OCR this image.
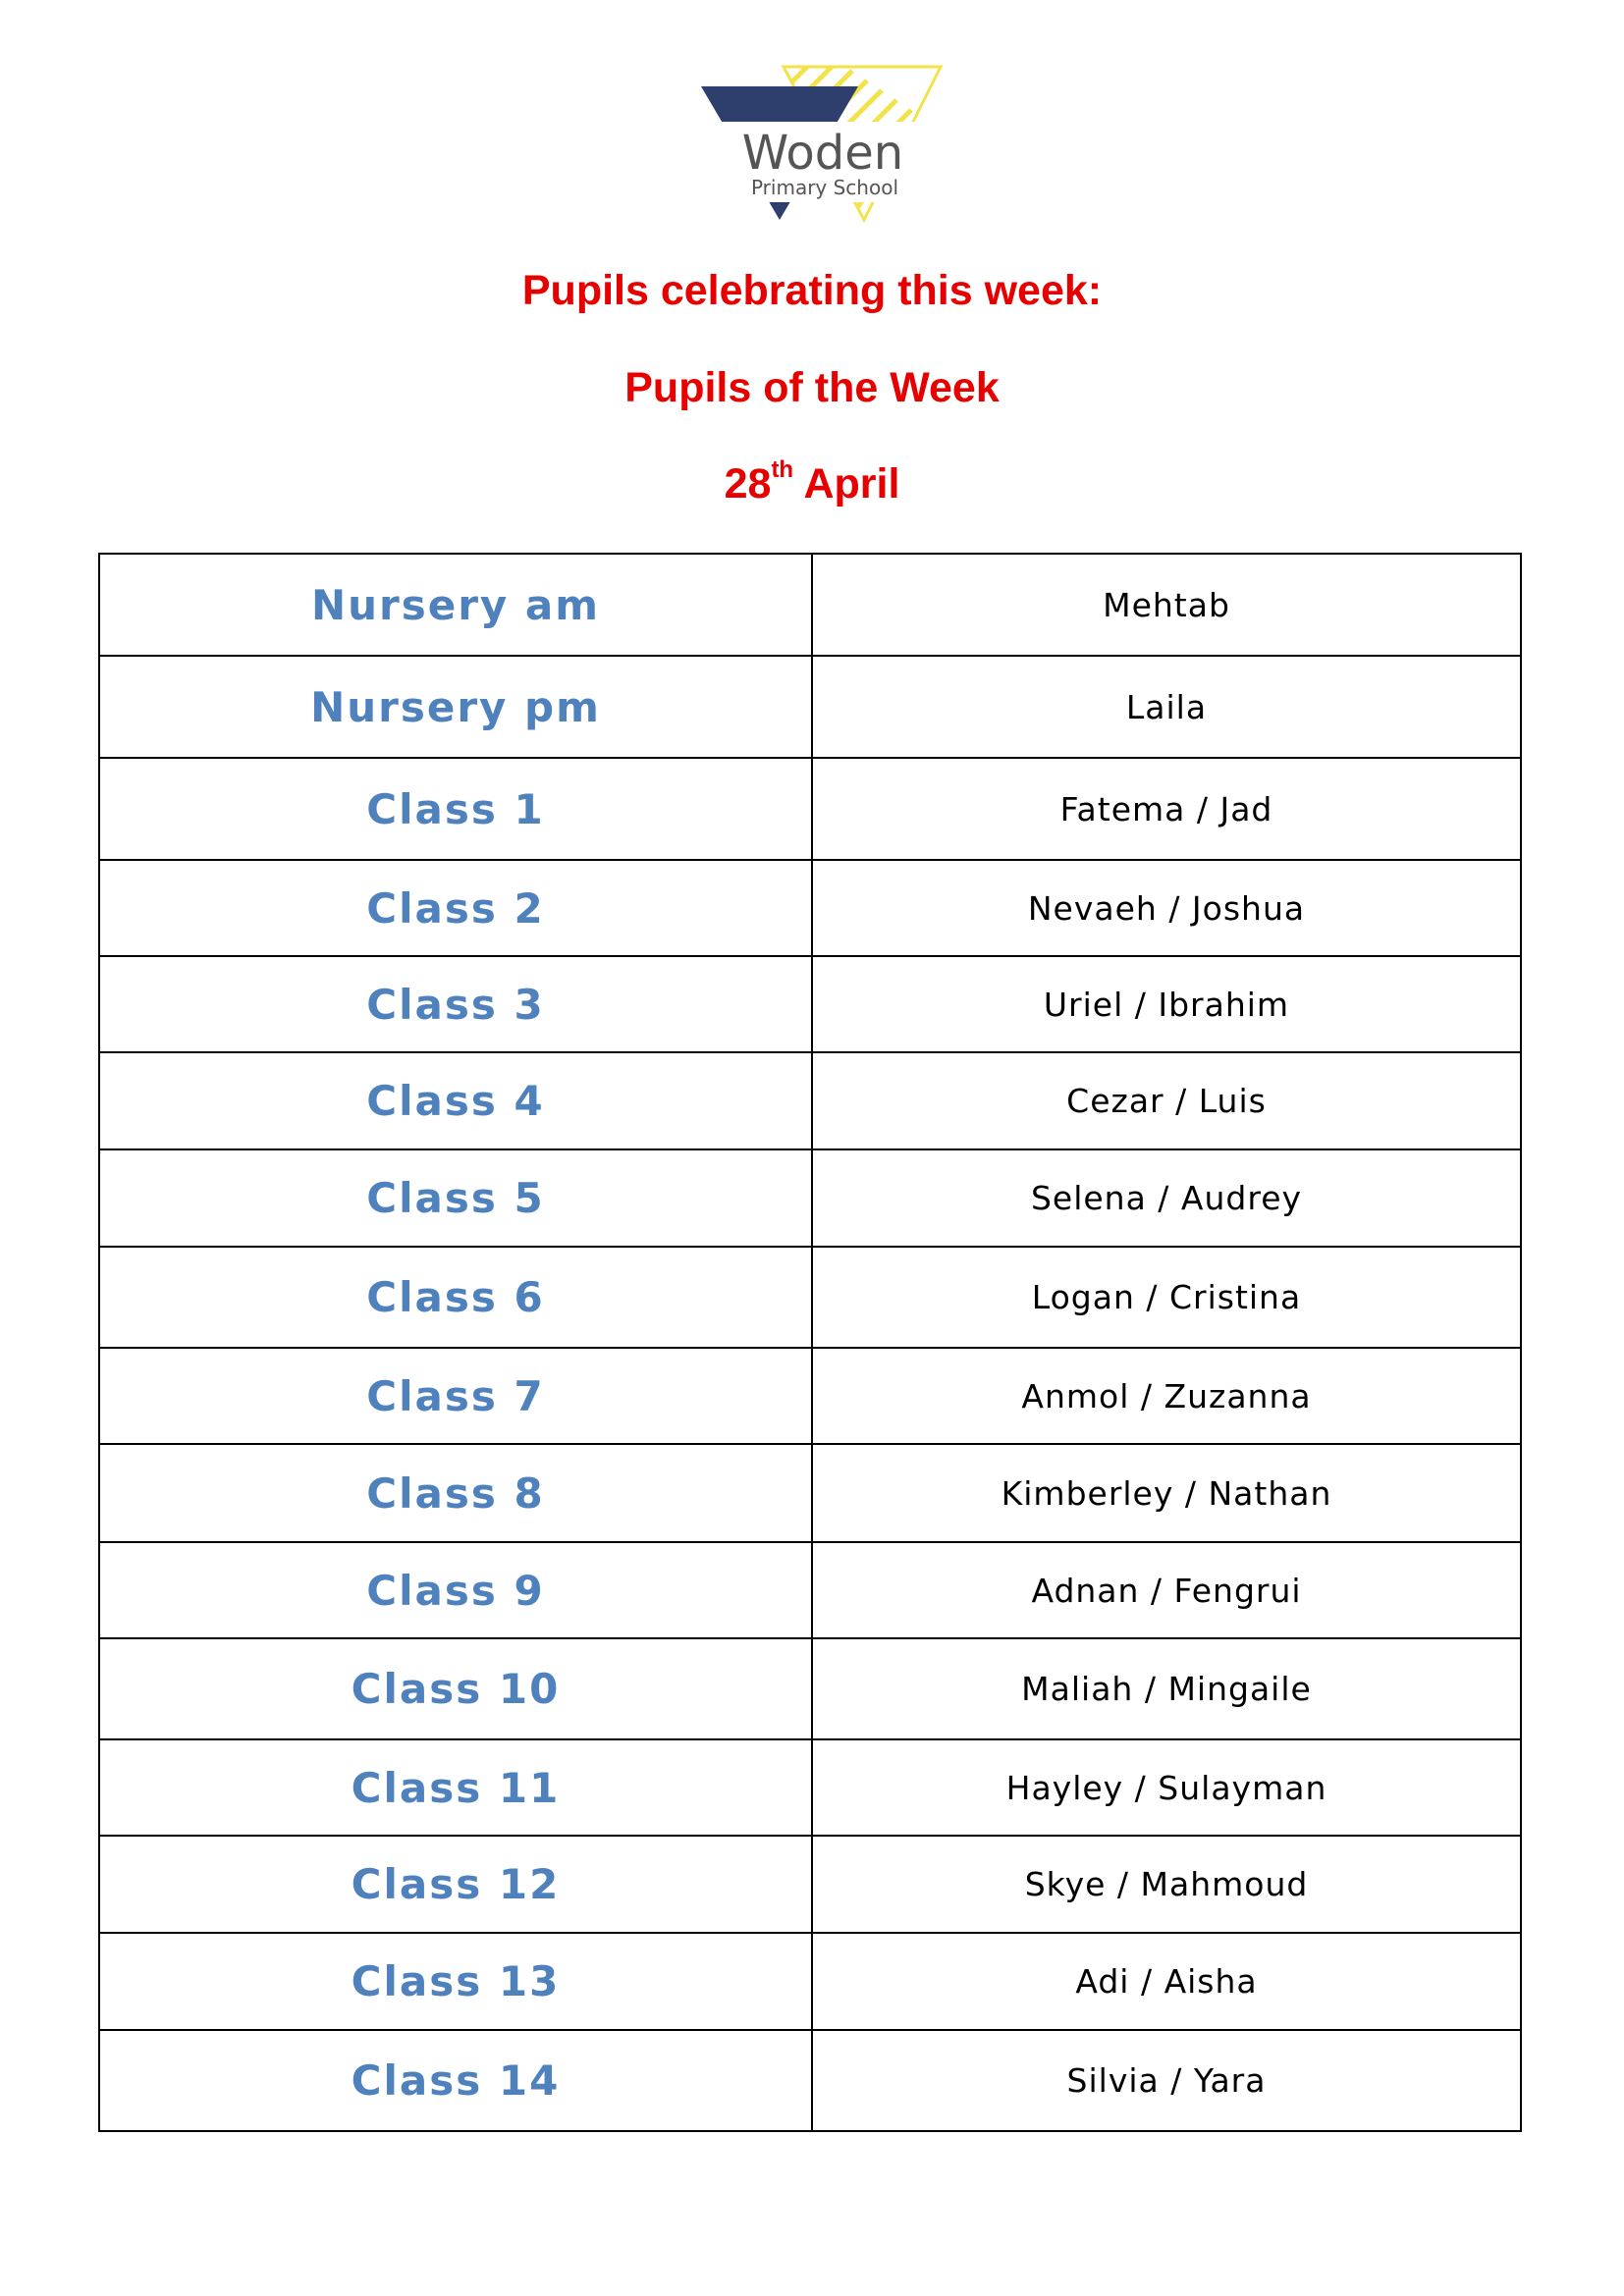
Woden
Primary School
Pupils celebrating this week:
Pupils of the Week
28th April
Nursery am	Mehtab
Nursery pm	Laila
Class 1	Fatema / Jad
Class 2	Nevaeh / Joshua
Class 3	Uriel / Ibrahim
Class 4	Cezar / Luis
Class 5	Selena / Audrey
Class 6	Logan / Cristina
Class 7	Anmol / Zuzanna
Class 8	Kimberley / Nathan
Class 9	Adnan / Fengrui
Class 10	Maliah / Mingaile
Class 11	Hayley / Sulayman
Class 12	Skye / Mahmoud
Class 13	Adi / Aisha
Class 14	Silvia / Yara
